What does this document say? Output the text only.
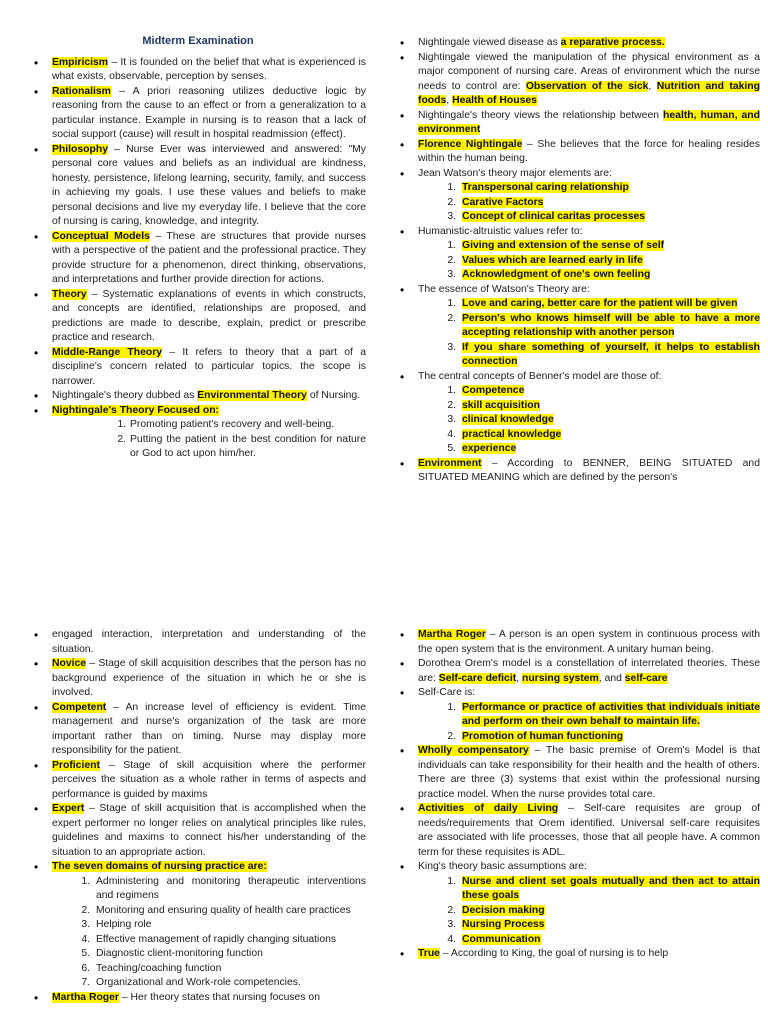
Midterm Examination
• Empiricism – It is founded on the belief that what is experienced is what exists, observable, perception by senses.
• Rationalism – A priori reasoning utilizes deductive logic by reasoning from the cause to an effect or from a generalization to a particular instance. Example in nursing is to reason that a lack of social support (cause) will result in hospital readmission (effect).
• Philosophy – Nurse Ever was interviewed and answered: "My personal core values and beliefs as an individual are kindness, honesty, persistence, lifelong learning, security, family, and success in achieving my goals. I use these values and beliefs to make personal decisions and live my everyday life. I believe that the core of nursing is caring, knowledge, and integrity.
• Conceptual Models – These are structures that provide nurses with a perspective of the patient and the professional practice. They provide structure for a phenomenon, direct thinking, observations, and interpretations and further provide direction for actions.
• Theory – Systematic explanations of events in which constructs, and concepts are identified, relationships are proposed, and predictions are made to describe, explain, predict or prescribe practice and research.
• Middle-Range Theory – It refers to theory that a part of a discipline's concern related to particular topics. the scope is narrower.
• Nightingale's theory dubbed as Environmental Theory of Nursing.
• Nightingale's Theory Focused on:
1. Promoting patient's recovery and well-being.
2. Putting the patient in the best condition for nature or God to act upon him/her.
• Nightingale viewed disease as a reparative process.
• Nightingale viewed the manipulation of the physical environment as a major component of nursing care. Areas of environment which the nurse needs to control are: Observation of the sick, Nutrition and taking foods, Health of Houses
• Nightingale's theory views the relationship between health, human, and environment
• Florence Nightingale – She believes that the force for healing resides within the human being.
• Jean Watson's theory major elements are:
1. Transpersonal caring relationship
2. Carative Factors
3. Concept of clinical caritas processes
• Humanistic-altruistic values refer to:
1. Giving and extension of the sense of self
2. Values which are learned early in life
3. Acknowledgment of one's own feeling
• The essence of Watson's Theory are:
1. Love and caring, better care for the patient will be given
2. Person's who knows himself will be able to have a more accepting relationship with another person
3. If you share something of yourself, it helps to establish connection
• The central concepts of Benner's model are those of:
1. Competence
2. skill acquisition
3. clinical knowledge
4. practical knowledge
5. experience
• Environment – According to BENNER, BEING SITUATED and SITUATED MEANING which are defined by the person's
• engaged interaction, interpretation and understanding of the situation.
• Novice – Stage of skill acquisition describes that the person has no background experience of the situation in which he or she is involved.
• Competent – An increase level of efficiency is evident. Time management and nurse's organization of the task are more important rather than on timing. Nurse may display more responsibility for the patient.
• Proficient – Stage of skill acquisition where the performer perceives the situation as a whole rather in terms of aspects and performance is guided by maxims
• Expert – Stage of skill acquisition that is accomplished when the expert performer no longer relies on analytical principles like rules, guidelines and maxims to connect his/her understanding of the situation to an appropriate action.
• The seven domains of nursing practice are:
1. Administering and monitoring therapeutic interventions and regimens
2. Monitoring and ensuring quality of health care practices
3. Helping role
4. Effective management of rapidly changing situations
5. Diagnostic client-monitoring function
6. Teaching/coaching function
7. Organizational and Work-role competencies.
• Martha Roger – Her theory states that nursing focuses on
• Martha Roger – A person is an open system in continuous process with the open system that is the environment. A unitary human being.
• Dorothea Orem's model is a constellation of interrelated theories. These are: Self-care deficit, nursing system, and self-care
• Self-Care is:
1. Performance or practice of activities that individuals initiate and perform on their own behalf to maintain life.
2. Promotion of human functioning
• Wholly compensatory – The basic premise of Orem's Model is that individuals can take responsibility for their health and the health of others. There are three (3) systems that exist within the professional nursing practice model. When the nurse provides total care.
• Activities of daily Living – Self-care requisites are group of needs/requirements that Orem identified. Universal self-care requisites are associated with life processes, those that all people have. A common term for these requisites is ADL.
• King's theory basic assumptions are:
1. Nurse and client set goals mutually and then act to attain these goals
2. Decision making
3. Nursing Process
4. Communication
• True – According to King, the goal of nursing is to help
